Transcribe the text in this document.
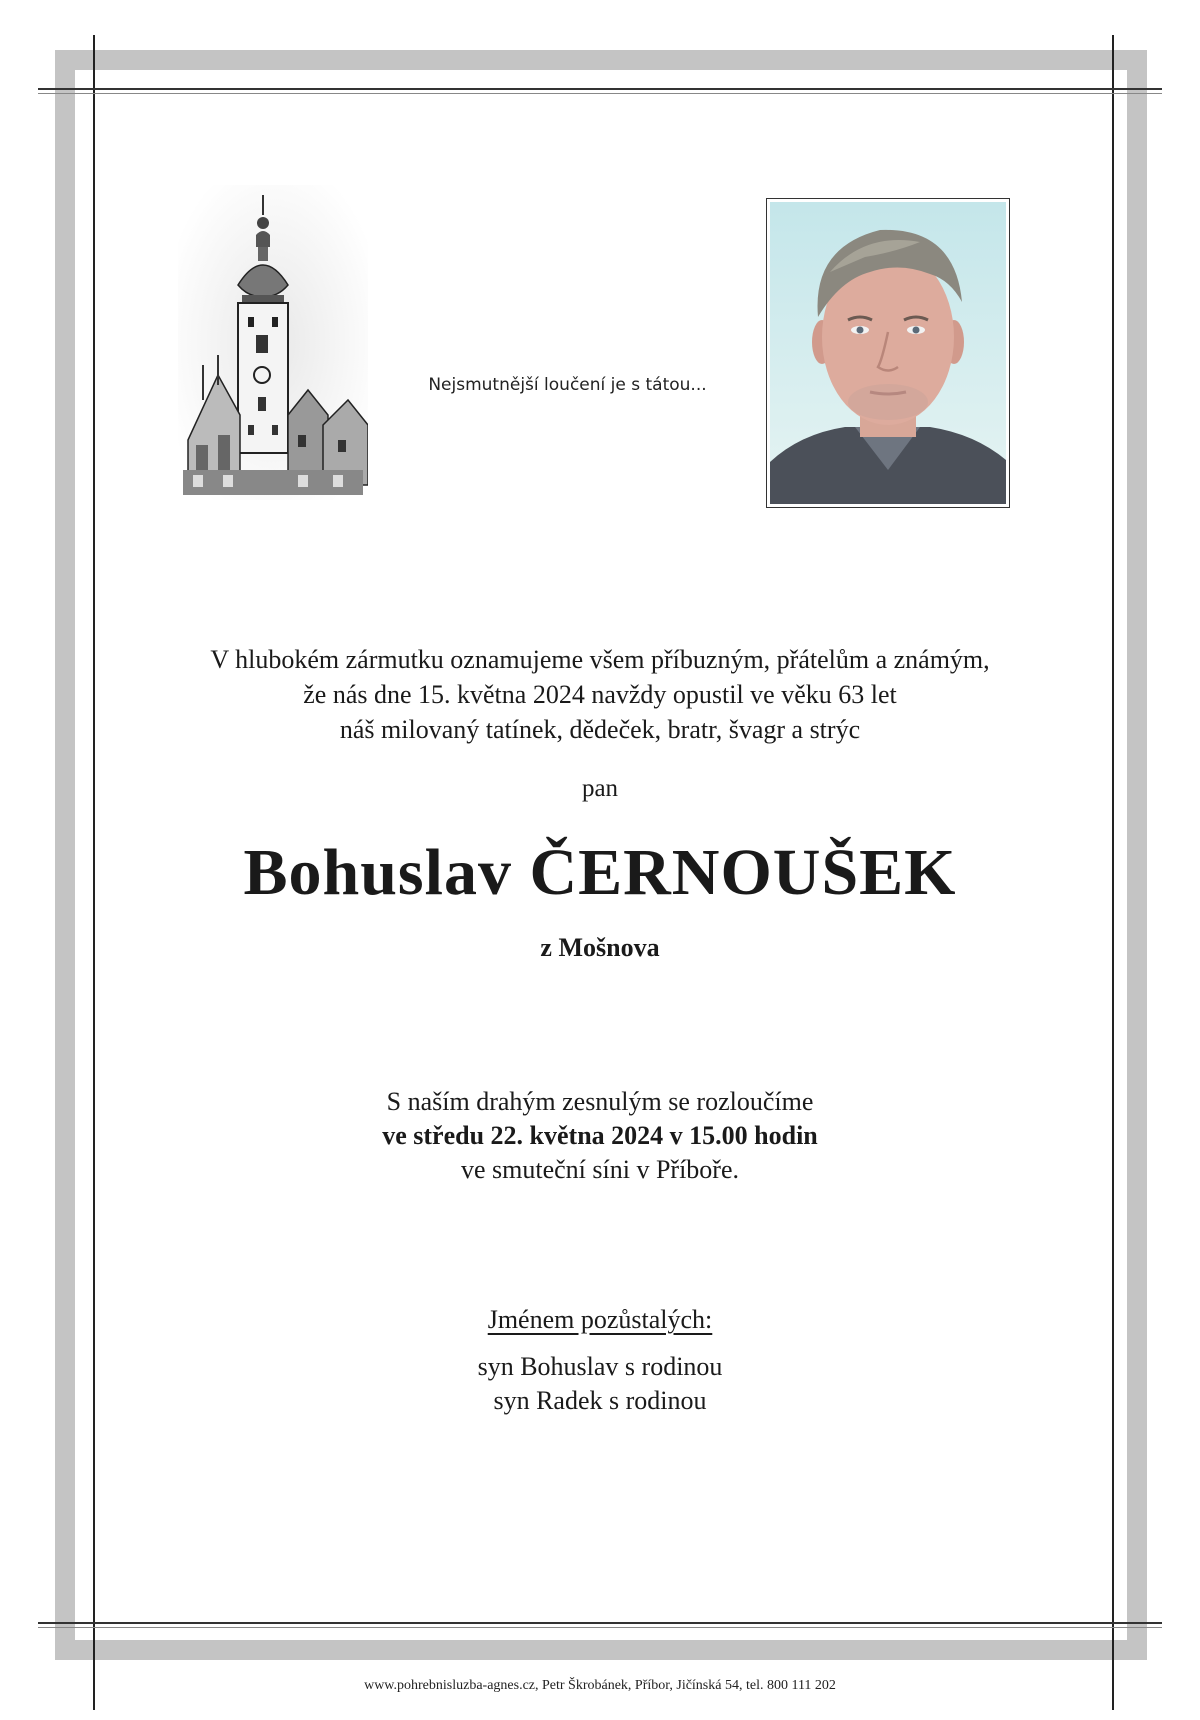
Nejsmutnější loučení je s tátou...
V hlubokém zármutku oznamujeme všem příbuzným, přátelům a známým,
že nás dne 15. května 2024 navždy opustil ve věku 63 let
náš milovaný tatínek, dědeček, bratr, švagr a strýc
pan
Bohuslav ČERNOUŠEK
z Mošnova
S naším drahým zesnulým se rozloučíme
ve středu 22. května 2024 v 15.00 hodin
ve smuteční síni v Příboře.
Jménem pozůstalých:
syn Bohuslav s rodinou
syn Radek s rodinou
www.pohrebnisluzba-agnes.cz, Petr Škrobánek, Příbor, Jičínská 54, tel. 800 111 202
